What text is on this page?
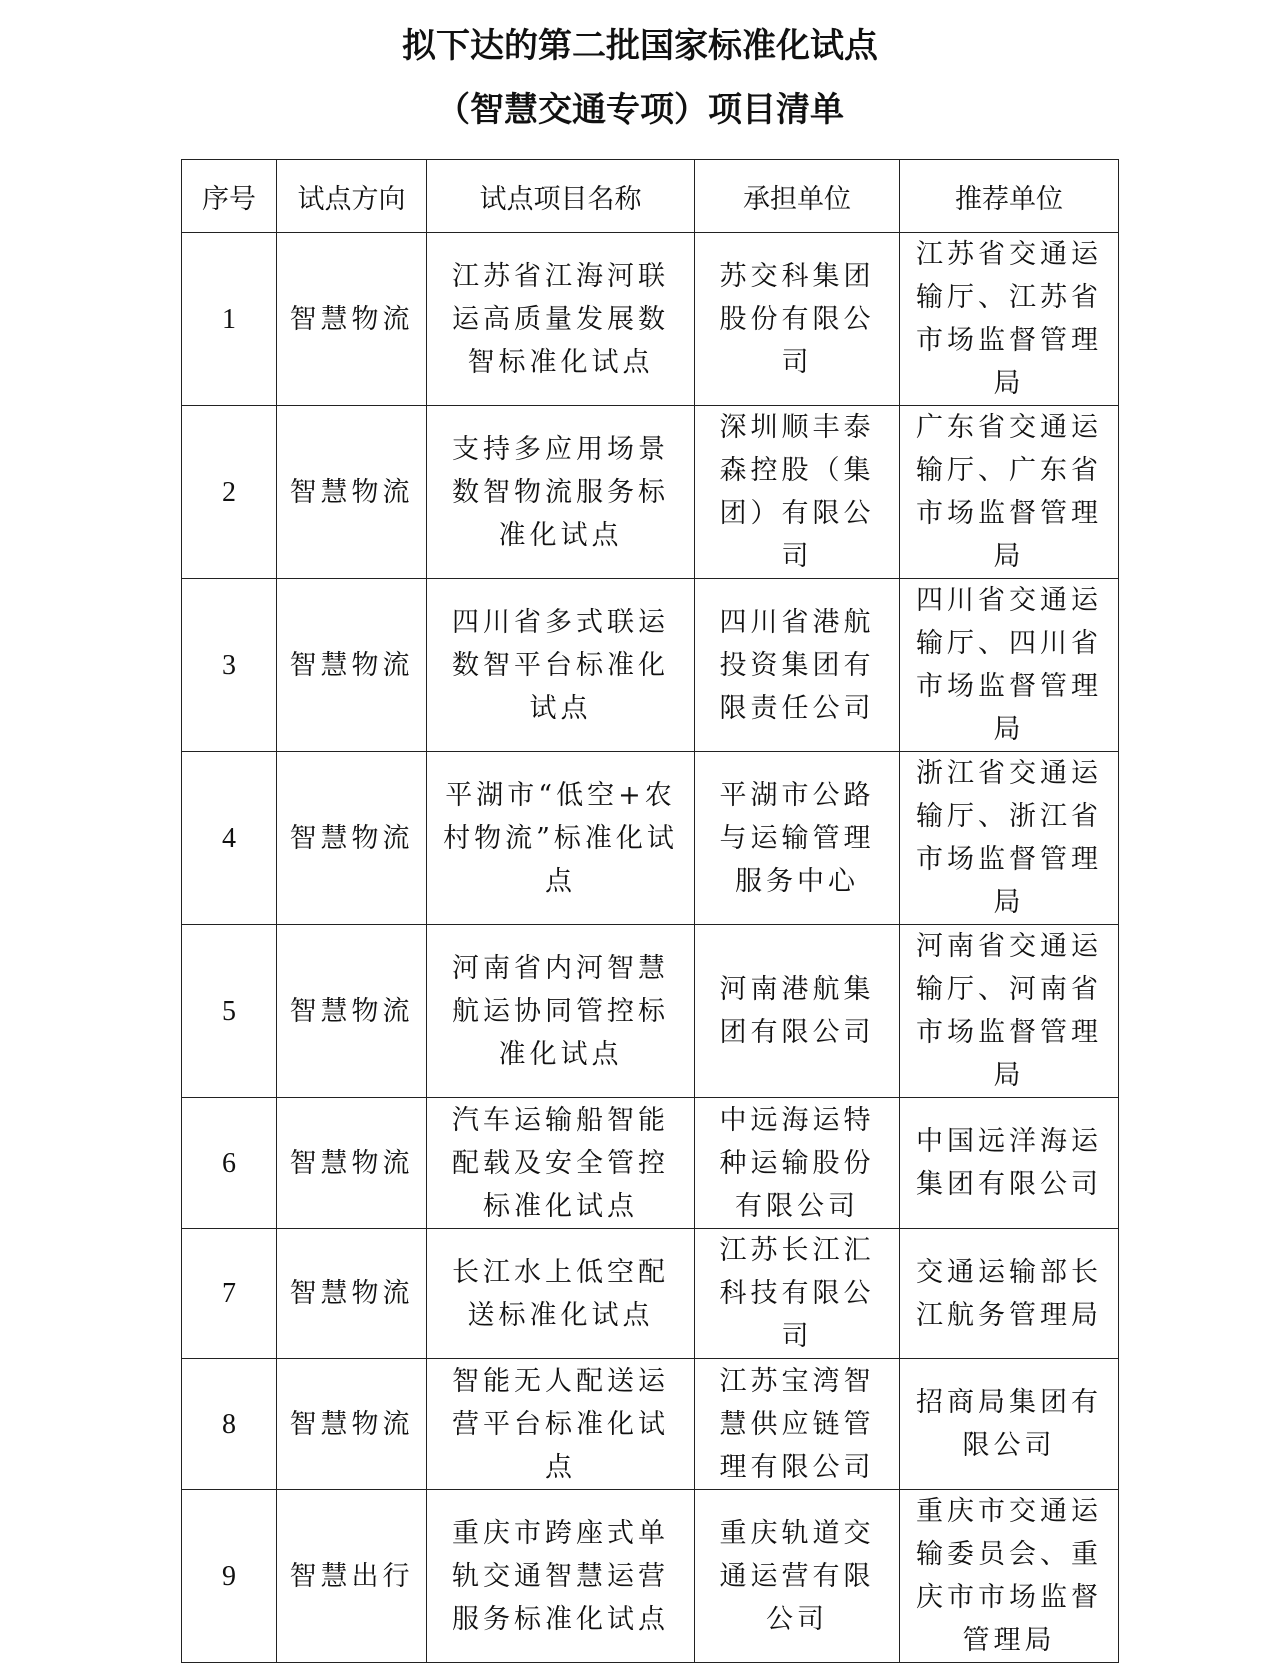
拟下达的第二批国家标准化试点
（智慧交通专项）项目清单
序号	试点方向	试点项目名称	承担单位	推荐单位
1	智慧物流	江苏省江海河联运高质量发展数智标准化试点	苏交科集团股份有限公司	江苏省交通运输厅、江苏省市场监督管理局
2	智慧物流	支持多应用场景数智物流服务标准化试点	深圳顺丰泰森控股（集团）有限公司	广东省交通运输厅、广东省市场监督管理局
3	智慧物流	四川省多式联运数智平台标准化试点	四川省港航投资集团有限责任公司	四川省交通运输厅、四川省市场监督管理局
4	智慧物流	平湖市“低空+农村物流”标准化试点	平湖市公路与运输管理服务中心	浙江省交通运输厅、浙江省市场监督管理局
5	智慧物流	河南省内河智慧航运协同管控标准化试点	河南港航集团有限公司	河南省交通运输厅、河南省市场监督管理局
6	智慧物流	汽车运输船智能配载及安全管控标准化试点	中远海运特种运输股份有限公司	中国远洋海运集团有限公司
7	智慧物流	长江水上低空配送标准化试点	江苏长江汇科技有限公司	交通运输部长江航务管理局
8	智慧物流	智能无人配送运营平台标准化试点	江苏宝湾智慧供应链管理有限公司	招商局集团有限公司
9	智慧出行	重庆市跨座式单轨交通智慧运营服务标准化试点	重庆轨道交通运营有限公司	重庆市交通运输委员会、重庆市市场监督管理局
